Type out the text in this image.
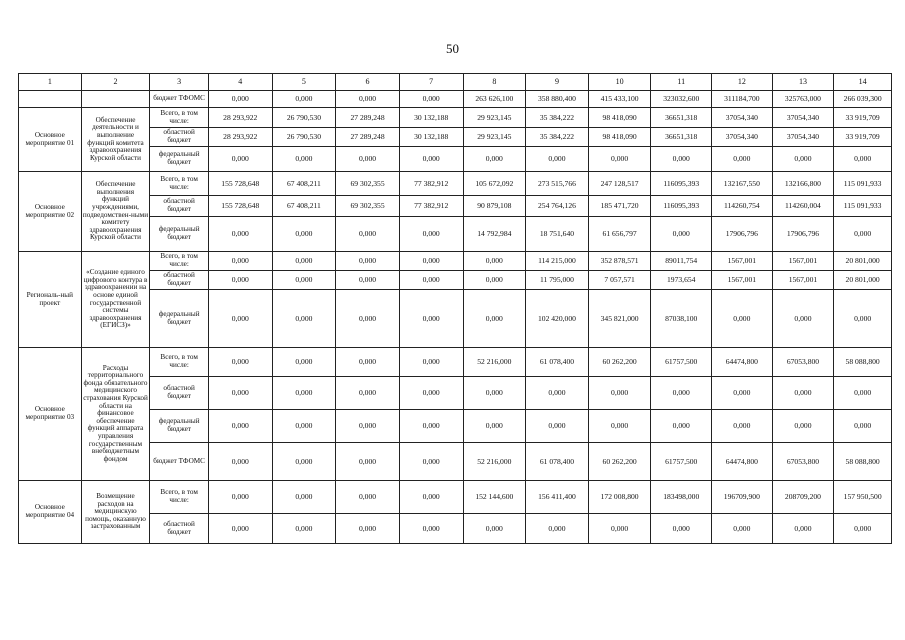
50
1	2	3	4	5	6	7	8	9	10	11	12	13	14
		бюджет ТФОМС	0,000	0,000	0,000	0,000	263 626,100	358 880,400	415 433,100	323032,600	311184,700	325763,000	266 039,300
Основное мероприятие 01	Обеспечение деятельности и выполнение функций комитета здравоохранения Курской области	Всего, в том числе:	28 293,922	26 790,530	27 289,248	30 132,188	29 923,145	35 384,222	98 418,090	36651,318	37054,340	37054,340	33 919,709
		областной бюджет	28 293,922	26 790,530	27 289,248	30 132,188	29 923,145	35 384,222	98 418,090	36651,318	37054,340	37054,340	33 919,709
		федеральный бюджет	0,000	0,000	0,000	0,000	0,000	0,000	0,000	0,000	0,000	0,000	0,000
Основное мероприятие 02	Обеспечение выполнения функций учреждениями, подведомствен-ными комитету здравоохранения Курской области	Всего, в том числе:	155 728,648	67 408,211	69 302,355	77 382,912	105 672,092	273 515,766	247 128,517	116095,393	132167,550	132166,800	115 091,933
		областной бюджет	155 728,648	67 408,211	69 302,355	77 382,912	90 879,108	254 764,126	185 471,720	116095,393	114260,754	114260,004	115 091,933
		федеральный бюджет	0,000	0,000	0,000	0,000	14 792,984	18 751,640	61 656,797	0,000	17906,796	17906,796	0,000
Региональ-ный проект	«Создание единого цифрового контура в здравоохранении на основе единой государственной системы здравоохранения (ЕГИСЗ)»	Всего, в том числе:	0,000	0,000	0,000	0,000	0,000	114 215,000	352 878,571	89011,754	1567,001	1567,001	20 801,000
		областной бюджет	0,000	0,000	0,000	0,000	0,000	11 795,000	7 057,571	1973,654	1567,001	1567,001	20 801,000
		федеральный бюджет	0,000	0,000	0,000	0,000	0,000	102 420,000	345 821,000	87038,100	0,000	0,000	0,000
Основное мероприятие 03	Расходы территориального фонда обязательного медицинского страхования Курской области на финансовое обеспечение функций аппарата управления государственным внебюджетным фондом	Всего, в том числе:	0,000	0,000	0,000	0,000	52 216,000	61 078,400	60 262,200	61757,500	64474,800	67053,800	58 088,800
		областной бюджет	0,000	0,000	0,000	0,000	0,000	0,000	0,000	0,000	0,000	0,000	0,000
		федеральный бюджет	0,000	0,000	0,000	0,000	0,000	0,000	0,000	0,000	0,000	0,000	0,000
		бюджет ТФОМС	0,000	0,000	0,000	0,000	52 216,000	61 078,400	60 262,200	61757,500	64474,800	67053,800	58 088,800
Основное мероприятие 04	Возмещение расходов на медицинскую помощь, оказанную застрахованным	Всего, в том числе:	0,000	0,000	0,000	0,000	152 144,600	156 411,400	172 008,800	183498,000	196709,900	208709,200	157 950,500
		областной бюджет	0,000	0,000	0,000	0,000	0,000	0,000	0,000	0,000	0,000	0,000	0,000
